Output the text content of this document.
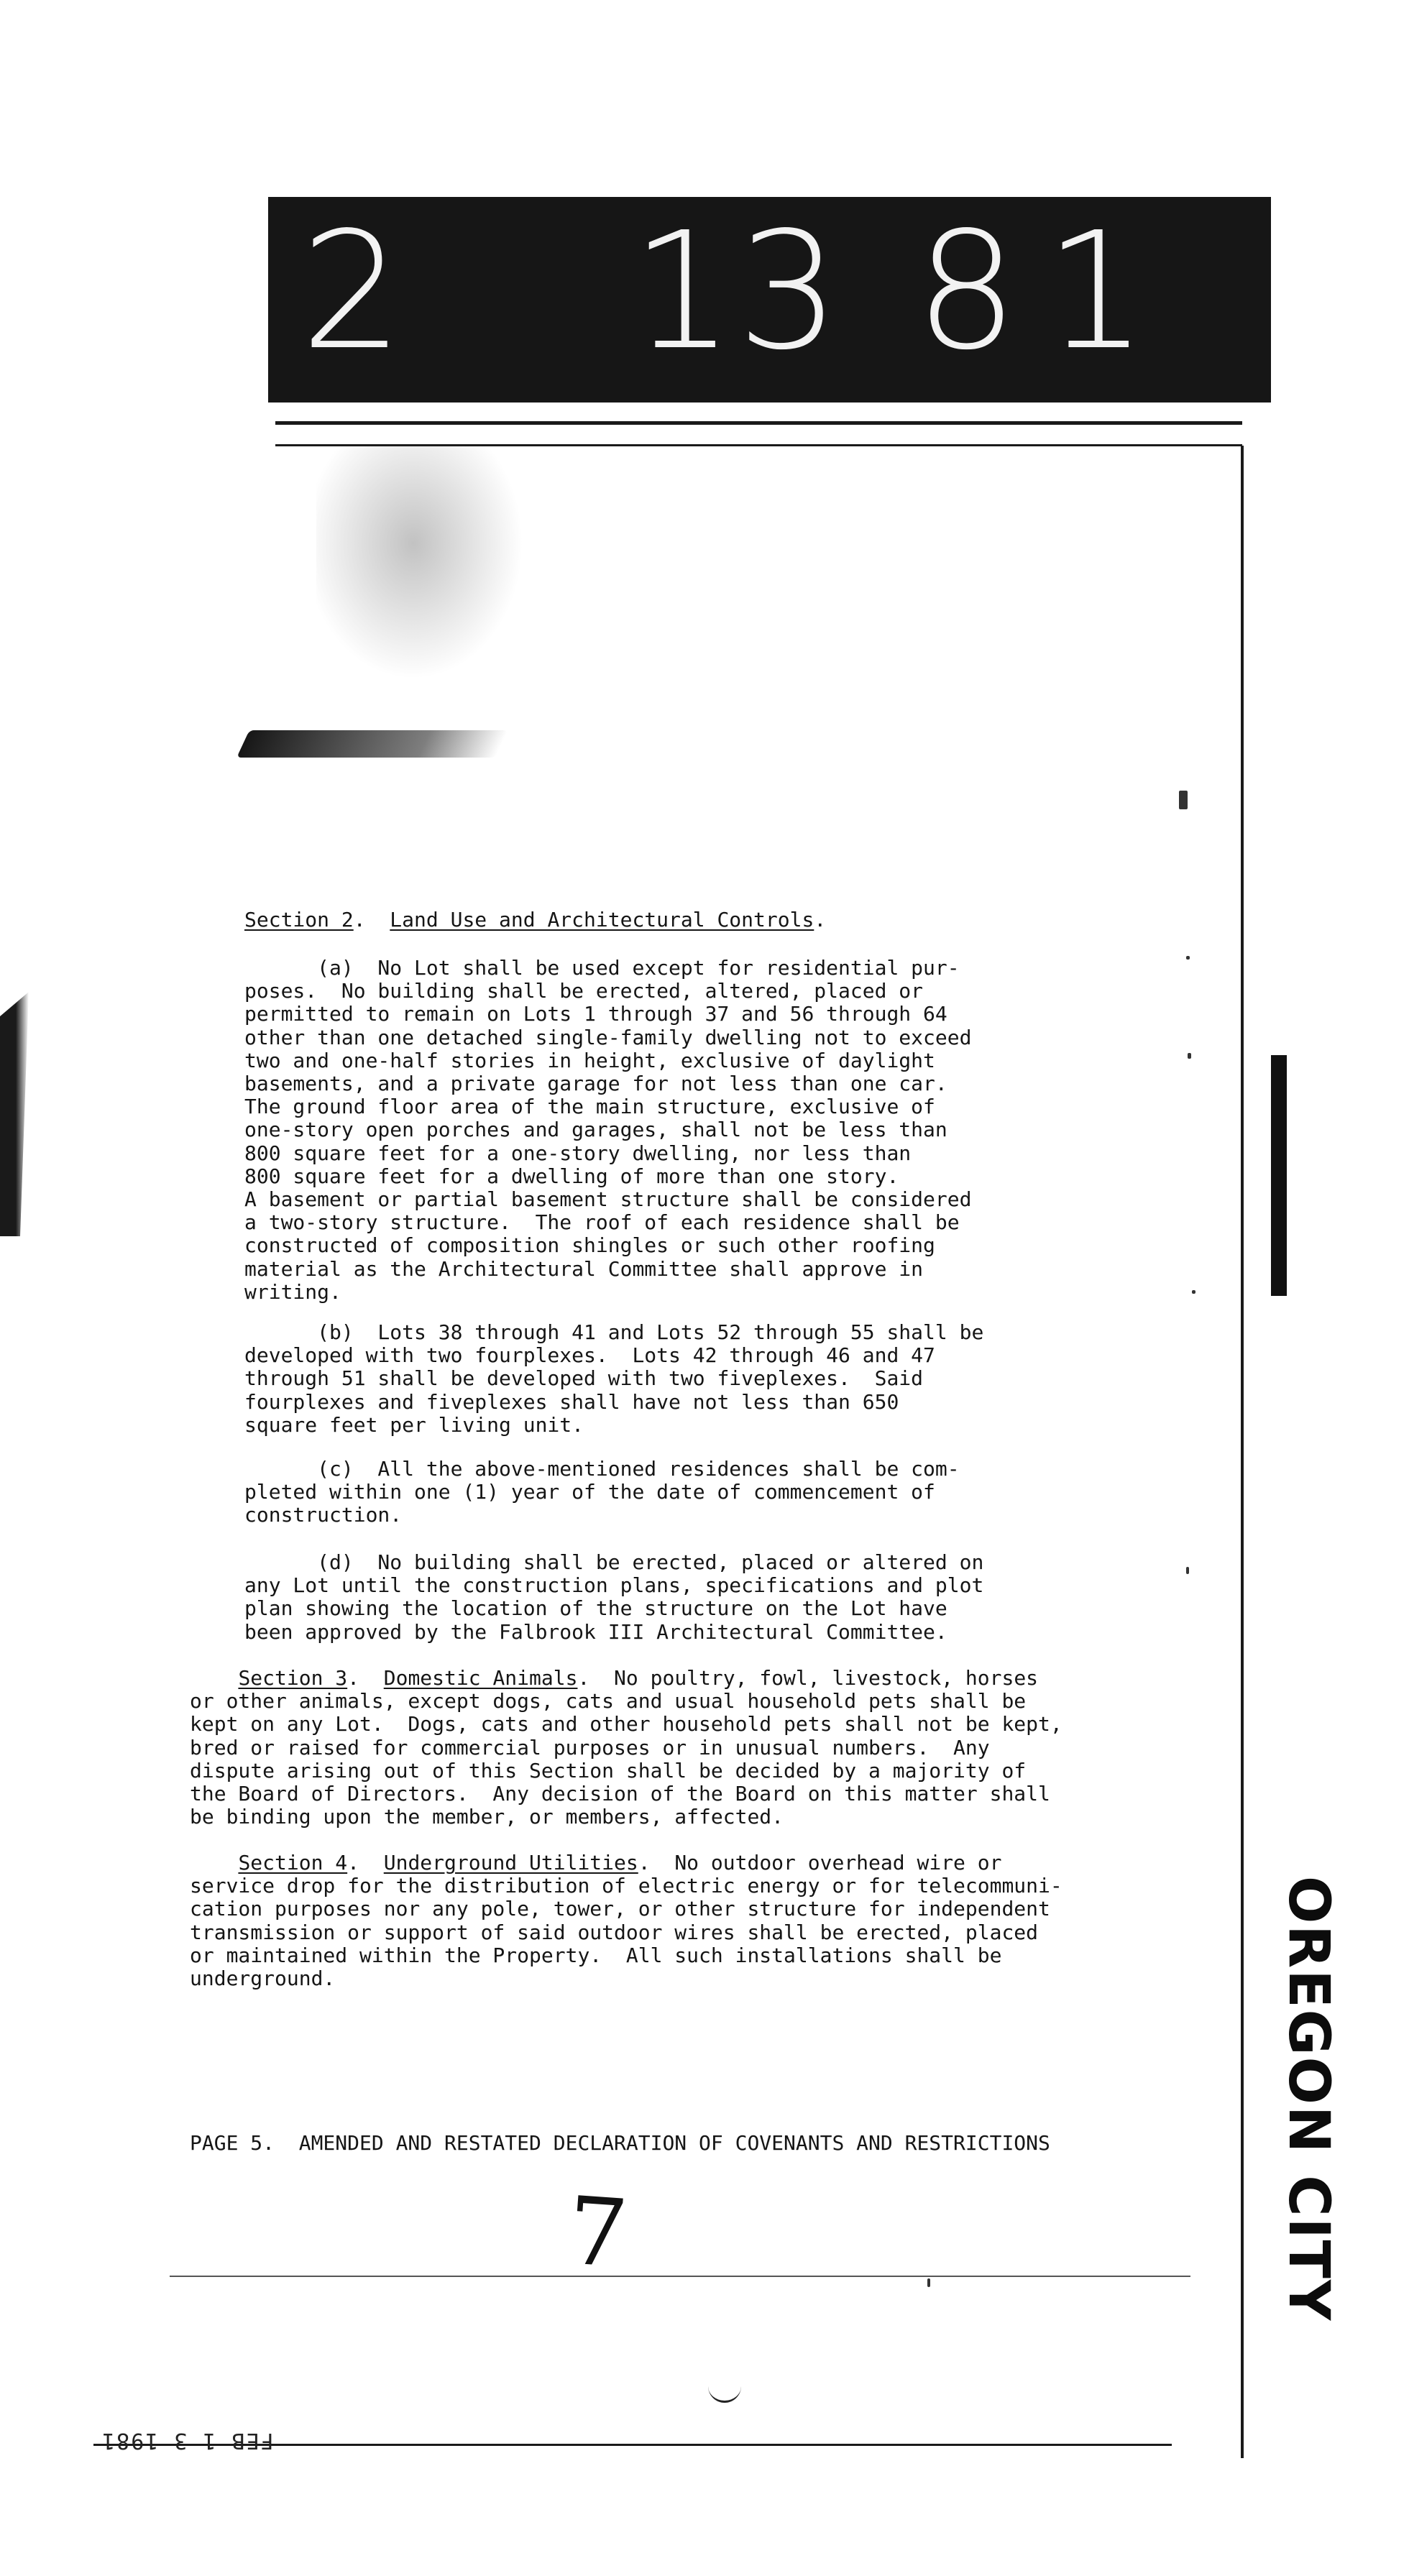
2 13 8 1
Section 2.  Land Use and Architectural Controls.
(a)  No Lot shall be used except for residential pur-
poses.  No building shall be erected, altered, placed or
permitted to remain on Lots 1 through 37 and 56 through 64
other than one detached single-family dwelling not to exceed
two and one-half stories in height, exclusive of daylight
basements, and a private garage for not less than one car.
The ground floor area of the main structure, exclusive of
one-story open porches and garages, shall not be less than
800 square feet for a one-story dwelling, nor less than
800 square feet for a dwelling of more than one story.
A basement or partial basement structure shall be considered
a two-story structure.  The roof of each residence shall be
constructed of composition shingles or such other roofing
material as the Architectural Committee shall approve in
writing.
(b)  Lots 38 through 41 and Lots 52 through 55 shall be
developed with two fourplexes.  Lots 42 through 46 and 47
through 51 shall be developed with two fiveplexes.  Said
fourplexes and fiveplexes shall have not less than 650
square feet per living unit.
(c)  All the above-mentioned residences shall be com-
pleted within one (1) year of the date of commencement of
construction.
(d)  No building shall be erected, placed or altered on
any Lot until the construction plans, specifications and plot
plan showing the location of the structure on the Lot have
been approved by the Falbrook III Architectural Committee.
Section 3.  Domestic Animals.  No poultry, fowl, livestock, horses
or other animals, except dogs, cats and usual household pets shall be
kept on any Lot.  Dogs, cats and other household pets shall not be kept,
bred or raised for commercial purposes or in unusual numbers.  Any
dispute arising out of this Section shall be decided by a majority of
the Board of Directors.  Any decision of the Board on this matter shall
be binding upon the member, or members, affected.
Section 4.  Underground Utilities.  No outdoor overhead wire or
service drop for the distribution of electric energy or for telecommuni-
cation purposes nor any pole, tower, or other structure for independent
transmission or support of said outdoor wires shall be erected, placed
or maintained within the Property.  All such installations shall be
underground.
PAGE 5.  AMENDED AND RESTATED DECLARATION OF COVENANTS AND RESTRICTIONS
7	OREGON CITY
FEB 1 3 1981
